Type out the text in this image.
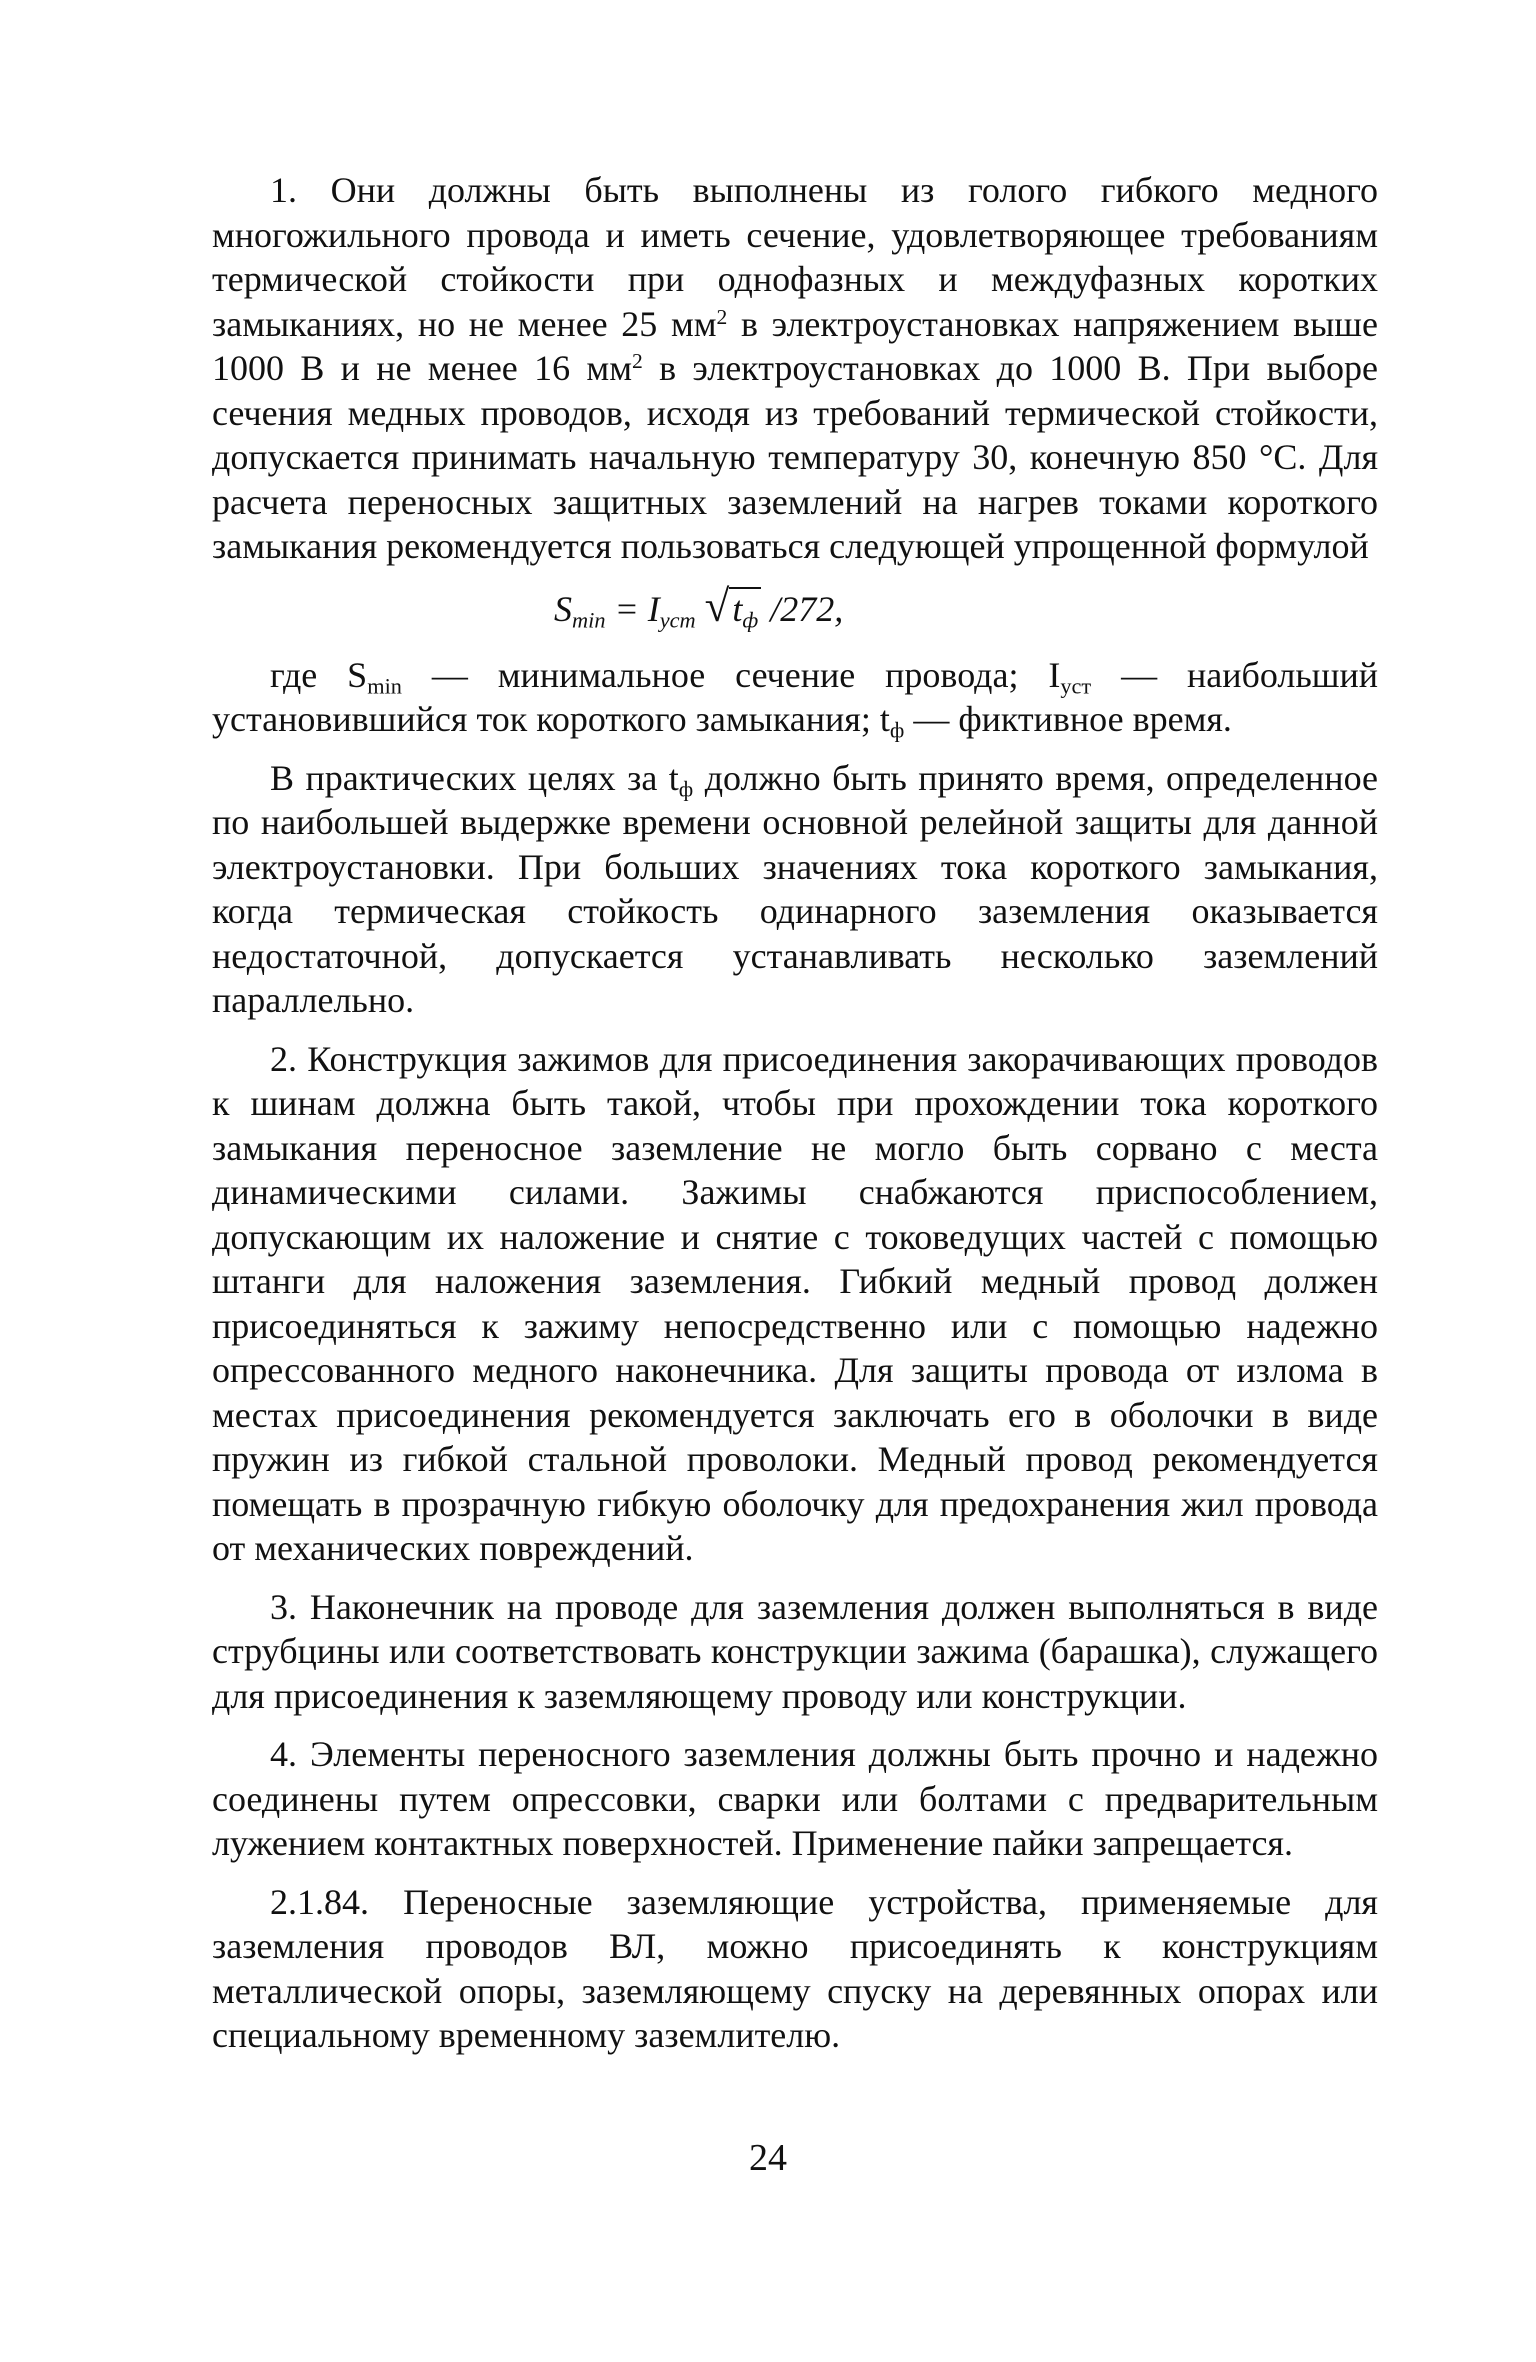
1. Они должны быть выполнены из голого гибкого медного многожильного провода и иметь сечение, удовлетворяющее требованиям термической стойкости при однофазных и междуфазных коротких замыканиях, но не менее 25 $мм^2$ в электроустановках напряжением выше 1000 В и не менее 16 $мм^2$ в электроустановках до 1000 В. При выборе сечения медных проводов, исходя из требований термической стойкости, допускается принимать начальную температуру 30, конечную 850 °С. Для расчета переносных защитных заземлений на нагрев токами короткого замыкания рекомендуется пользоваться следующей упрощенной формулой

$S_{min} = I_{уст}$ $√t_ф$ /272,

где $S_{min}$ — минимальное сечение провода; $I_{уст}$ — наибольший установившийся ток короткого замыкания; $t_ф$ — фиктивное время.

В практических целях за $t_ф$ должно быть принято время, определенное по наибольшей выдержке времени основной релейной защиты для данной электроустановки. При больших значениях тока короткого замыкания, когда термическая стойкость одинарного заземления оказывается недостаточной, допускается устанавливать несколько заземлений параллельно.

2. Конструкция зажимов для присоединения закорачивающих проводов к шинам должна быть такой, чтобы при прохождении тока короткого замыкания переносное заземление не могло быть сорвано с места динамическими силами. Зажимы снабжаются приспособлением, допускающим их наложение и снятие с токоведущих частей с помощью штанги для наложения заземления. Гибкий медный провод должен присоединяться к зажиму непосредственно или с помощью надежно опрессованного медного наконечника. Для защиты провода от излома в местах присоединения рекомендуется заключать его в оболочки в виде пружин из гибкой стальной проволоки. Медный провод рекомендуется помещать в прозрачную гибкую оболочку для предохранения жил провода от механических повреждений.

3. Наконечник на проводе для заземления должен выполняться в виде струбцины или соответствовать конструкции зажима (барашка), служащего для присоединения к заземляющему проводу или конструкции.

4. Элементы переносного заземления должны быть прочно и надежно соединены путем опрессовки, сварки или болтами с предварительным лужением контактных поверхностей. Применение пайки запрещается.

2.1.84. Переносные заземляющие устройства, применяемые для заземления проводов ВЛ, можно присоединять к конструкциям металлической опоры, заземляющему спуску на деревянных опорах или специальному временному заземлителю.

24
